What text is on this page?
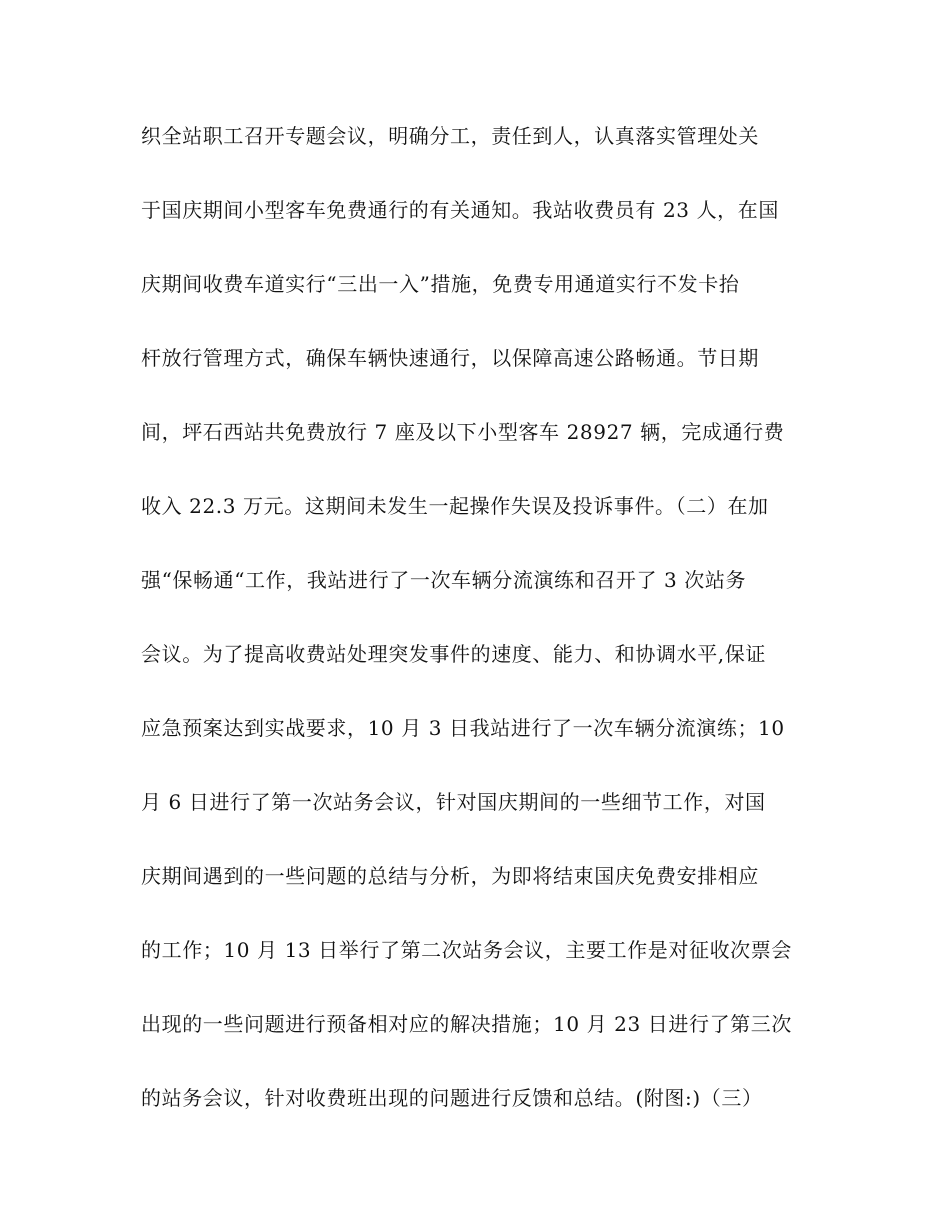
织全站职工召开专题会议，明确分工，责任到人，认真落实管理处关
于国庆期间小型客车免费通行的有关通知。我站收费员有 23 人，在国
庆期间收费车道实行“三出一入”措施，免费专用通道实行不发卡抬
杆放行管理方式，确保车辆快速通行，以保障高速公路畅通。节日期
间，坪石西站共免费放行 7 座及以下小型客车 28927 辆，完成通行费
收入 22.3 万元。这期间未发生一起操作失误及投诉事件。（二）在加
强“保畅通“工作，我站进行了一次车辆分流演练和召开了 3 次站务
会议。为了提高收费站处理突发事件的速度、能力、和协调水平,保证
应急预案达到实战要求，10 月 3 日我站进行了一次车辆分流演练；10
月 6 日进行了第一次站务会议，针对国庆期间的一些细节工作，对国
庆期间遇到的一些问题的总结与分析，为即将结束国庆免费安排相应
的工作；10 月 13 日举行了第二次站务会议，主要工作是对征收次票会
出现的一些问题进行预备相对应的解决措施；10 月 23 日进行了第三次
的站务会议，针对收费班出现的问题进行反馈和总结。(附图:)（三）
